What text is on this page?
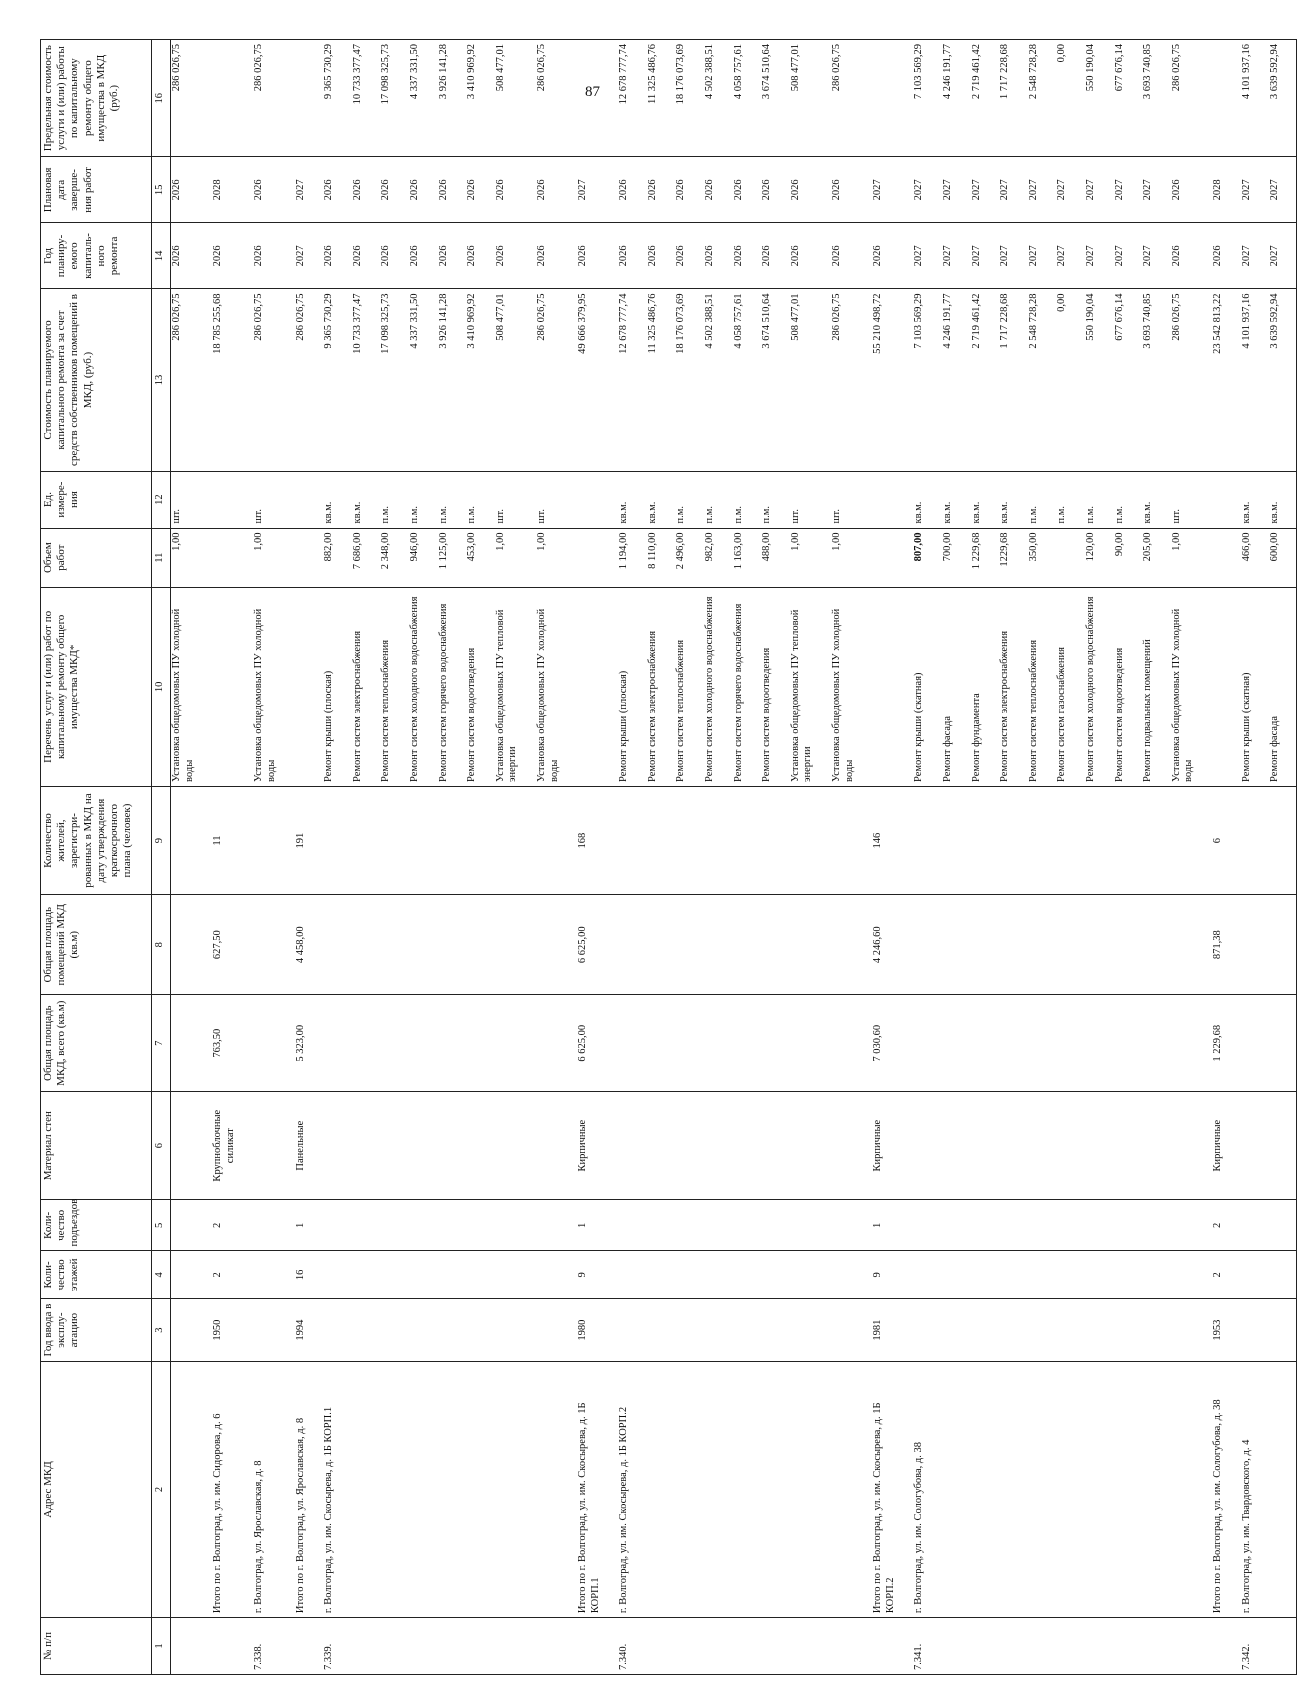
87
№ п/п	Адрес МКД	Год ввода в эксплу-атацию	Коли-чество этажей	Коли-чество подъездов	Материал стен	Общая площадь МКД, всего (кв.м)	Общая площадь помещений МКД (кв.м)	Количество жителей, зарегистри-рованных в МКД на дату утверждения краткосрочного плана (человек)	Перечень услуг и (или) работ по капитальному ремонту общего имущества МКД*	Объем работ	Ед. измере-ния	Стоимость планируемого капитального ремонта за счет средств собственников помещений в МКД, (руб.)	Год планиру-емого капиталь-ного ремонта	Плановая дата заверше-ния работ	Предельная стоимость услуги и (или) работы по капитальному ремонту общего имущества в МКД (руб.)
1	2	3	4	5	6	7	8	9	10	11	12	13	14	15	16
									Установка общедомовых ПУ холодной воды	1,00	шт.	286 026,75	2026	2026	286 026,75

	Итого по г. Волгоград, ул. им. Сидорова, д. 6	1950	2	2	Крупноблочные силикат	763,50	627,50	11				18 785 255,68	2026	2028	

7.338.	г. Волгоград, ул. Ярославская, д. 8								Установка общедомовых ПУ холодной воды	1,00	шт.	286 026,75	2026	2026	286 026,75

	Итого по г. Волгоград, ул. Ярославская, д. 8	1994	16	1	Панельные	5 323,00	4 458,00	191				286 026,75	2027	2027	

7.339.	г. Волгоград, ул. им. Скосырева, д. 1Б КОРП.1								Ремонт крыши (плоская)	882,00	кв.м.	9 365 730,29	2026	2026	9 365 730,29

									Ремонт систем электроснабжения	7 686,00	кв.м.	10 733 377,47	2026	2026	10 733 377,47

									Ремонт систем теплоснабжения	2 348,00	п.м.	17 098 325,73	2026	2026	17 098 325,73

									Ремонт систем холодного водоснабжения	946,00	п.м.	4 337 331,50	2026	2026	4 337 331,50

									Ремонт систем горячего водоснабжения	1 125,00	п.м.	3 926 141,28	2026	2026	3 926 141,28

									Ремонт систем водоотведения	453,00	п.м.	3 410 969,92	2026	2026	3 410 969,92

									Установка общедомовых ПУ тепловой энергии	1,00	шт.	508 477,01	2026	2026	508 477,01

									Установка общедомовых ПУ холодной воды	1,00	шт.	286 026,75	2026	2026	286 026,75

	Итого по г. Волгоград, ул. им. Скосырева, д. 1Б КОРП.1	1980	9	1	Кирпичные	6 625,00	6 625,00	168				49 666 379,95	2026	2027	

7.340.	г. Волгоград, ул. им. Скосырева, д. 1Б КОРП.2								Ремонт крыши (плоская)	1 194,00	кв.м.	12 678 777,74	2026	2026	12 678 777,74

									Ремонт систем электроснабжения	8 110,00	кв.м.	11 325 486,76	2026	2026	11 325 486,76

									Ремонт систем теплоснабжения	2 496,00	п.м.	18 176 073,69	2026	2026	18 176 073,69

									Ремонт систем холодного водоснабжения	982,00	п.м.	4 502 388,51	2026	2026	4 502 388,51

									Ремонт систем горячего водоснабжения	1 163,00	п.м.	4 058 757,61	2026	2026	4 058 757,61

									Ремонт систем водоотведения	488,00	п.м.	3 674 510,64	2026	2026	3 674 510,64

									Установка общедомовых ПУ тепловой энергии	1,00	шт.	508 477,01	2026	2026	508 477,01

									Установка общедомовых ПУ холодной воды	1,00	шт.	286 026,75	2026	2026	286 026,75

	Итого по г. Волгоград, ул. им. Скосырева, д. 1Б КОРП.2	1981	9	1	Кирпичные	7 030,60	4 246,60	146				55 210 498,72	2026	2027	

7.341.	г. Волгоград, ул. им. Сологубова, д. 38								Ремонт крыши (скатная)	807,00	кв.м.	7 103 569,29	2027	2027	7 103 569,29

									Ремонт фасада	700,00	кв.м.	4 246 191,77	2027	2027	4 246 191,77

									Ремонт фундамента	1 229,68	кв.м.	2 719 461,42	2027	2027	2 719 461,42

									Ремонт систем электроснабжения	1229,68	кв.м.	1 717 228,68	2027	2027	1 717 228,68

									Ремонт систем теплоснабжения	350,00	п.м.	2 548 728,28	2027	2027	2 548 728,28

									Ремонт систем газоснабжения		п.м.	0,00	2027	2027	0,00

									Ремонт систем холодного водоснабжения	120,00	п.м.	550 190,04	2027	2027	550 190,04

									Ремонт систем водоотведения	90,00	п.м.	677 676,14	2027	2027	677 676,14

									Ремонт подвальных помещений	205,00	кв.м.	3 693 740,85	2027	2027	3 693 740,85

									Установка общедомовых ПУ холодной воды	1,00	шт.	286 026,75	2026	2026	286 026,75

	Итого по г. Волгоград, ул. им. Сологубова, д. 38	1953	2	2	Кирпичные	1 229,68	871,38	6				23 542 813,22	2026	2028	

7.342.	г. Волгоград, ул. им. Твардовского, д. 4								Ремонт крыши (скатная)	466,00	кв.м.	4 101 937,16	2027	2027	4 101 937,16

									Ремонт фасада	600,00	кв.м.	3 639 592,94	2027	2027	3 639 592,94
